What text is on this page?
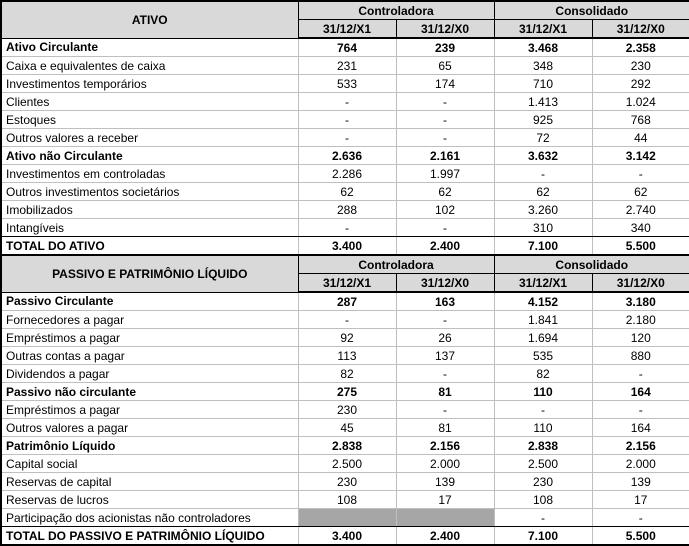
ATIVO	Controladora		Consolidado	
	31/12/X1	31/12/X0	31/12/X1	31/12/X0
Ativo Circulante	764	239	3.468	2.358
Caixa e equivalentes de caixa	231	65	348	230
Investimentos temporários	533	174	710	292
Clientes	-	-	1.413	1.024
Estoques	-	-	925	768
Outros valores a receber	-	-	72	44
Ativo não Circulante	2.636	2.161	3.632	3.142
Investimentos em controladas	2.286	1.997	-	-
Outros investimentos societários	62	62	62	62
Imobilizados	288	102	3.260	2.740
Intangíveis	-	-	310	340
TOTAL DO ATIVO	3.400	2.400	7.100	5.500
PASSIVO E PATRIMÔNIO LÍQUIDO	Controladora		Consolidado	
	31/12/X1	31/12/X0	31/12/X1	31/12/X0
Passivo Circulante	287	163	4.152	3.180
Fornecedores a pagar	-	-	1.841	2.180
Empréstimos a pagar	92	26	1.694	120
Outras contas a pagar	113	137	535	880
Dividendos a pagar	82	-	82	-
Passivo não circulante	275	81	110	164
Empréstimos a pagar	230	-	-	-
Outros valores a pagar	45	81	110	164
Patrimônio Líquido	2.838	2.156	2.838	2.156
Capital social	2.500	2.000	2.500	2.000
Reservas de capital	230	139	230	139
Reservas de lucros	108	17	108	17
Participação dos acionistas não controladores			-	-
TOTAL DO PASSIVO E PATRIMÔNIO LÍQUIDO	3.400	2.400	7.100	5.500
